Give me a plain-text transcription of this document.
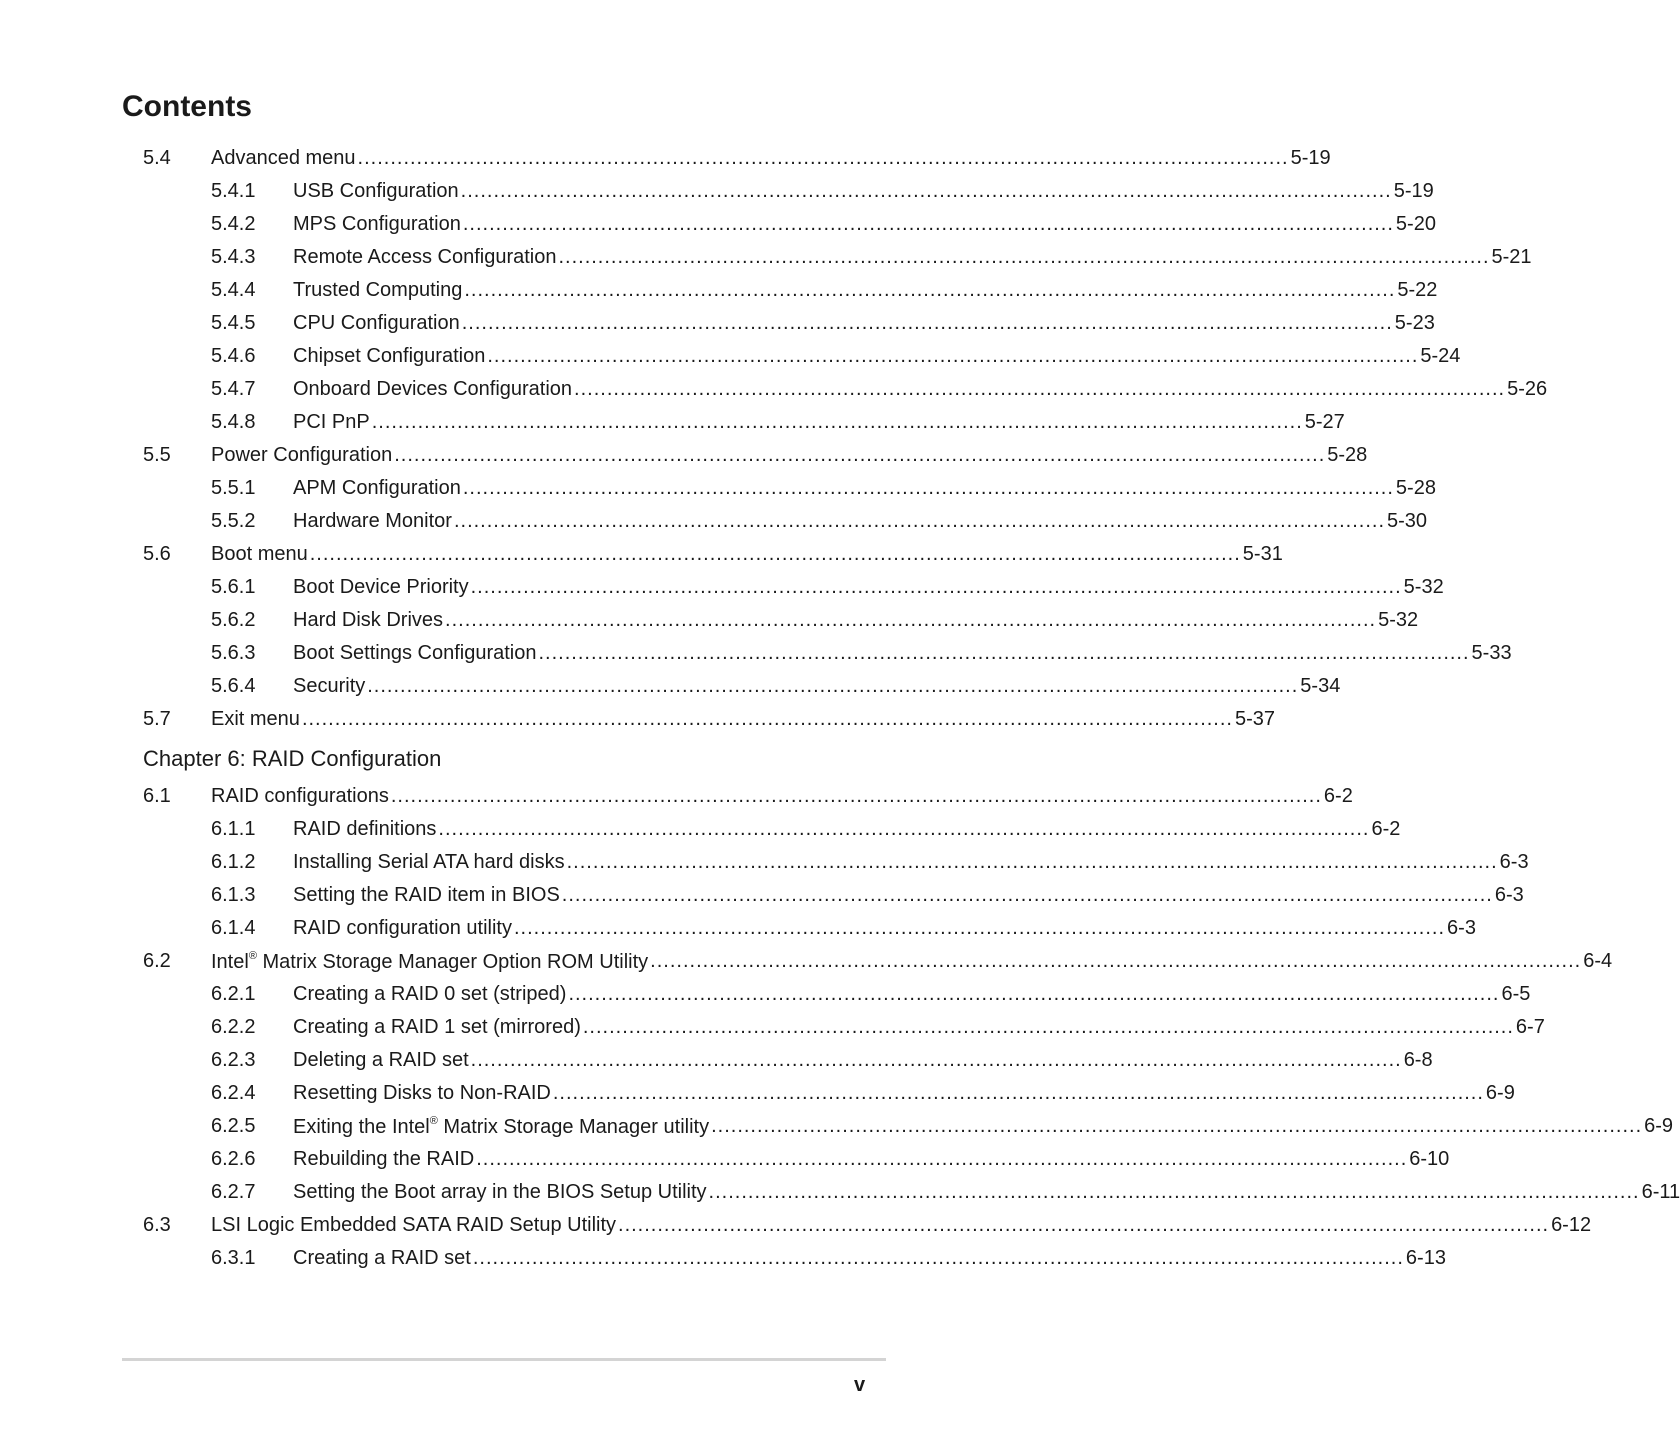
Contents
5.4 Advanced menu .............................................................................................................................................. 5-19
5.4.1 USB Configuration .............................................................................................................................................. 5-19
5.4.2 MPS Configuration .............................................................................................................................................. 5-20
5.4.3 Remote Access Configuration .............................................................................................................................................. 5-21
5.4.4 Trusted Computing .............................................................................................................................................. 5-22
5.4.5 CPU Configuration .............................................................................................................................................. 5-23
5.4.6 Chipset Configuration .............................................................................................................................................. 5-24
5.4.7 Onboard Devices Configuration .............................................................................................................................................. 5-26
5.4.8 PCI PnP .............................................................................................................................................. 5-27
5.5 Power Configuration .............................................................................................................................................. 5-28
5.5.1 APM Configuration .............................................................................................................................................. 5-28
5.5.2 Hardware Monitor .............................................................................................................................................. 5-30
5.6 Boot menu .............................................................................................................................................. 5-31
5.6.1 Boot Device Priority .............................................................................................................................................. 5-32
5.6.2 Hard Disk Drives .............................................................................................................................................. 5-32
5.6.3 Boot Settings Configuration .............................................................................................................................................. 5-33
5.6.4 Security .............................................................................................................................................. 5-34
5.7 Exit menu .............................................................................................................................................. 5-37
Chapter 6: RAID Configuration
6.1 RAID configurations .............................................................................................................................................. 6-2
6.1.1 RAID definitions .............................................................................................................................................. 6-2
6.1.2 Installing Serial ATA hard disks .............................................................................................................................................. 6-3
6.1.3 Setting the RAID item in BIOS .............................................................................................................................................. 6-3
6.1.4 RAID configuration utility .............................................................................................................................................. 6-3
6.2 Intel® Matrix Storage Manager Option ROM Utility .............................................................................................................................................. 6-4
6.2.1 Creating a RAID 0 set (striped) .............................................................................................................................................. 6-5
6.2.2 Creating a RAID 1 set (mirrored) .............................................................................................................................................. 6-7
6.2.3 Deleting a RAID set .............................................................................................................................................. 6-8
6.2.4 Resetting Disks to Non-RAID .............................................................................................................................................. 6-9
6.2.5 Exiting the Intel® Matrix Storage Manager utility .............................................................................................................................................. 6-9
6.2.6 Rebuilding the RAID .............................................................................................................................................. 6-10
6.2.7 Setting the Boot array in the BIOS Setup Utility .............................................................................................................................................. 6-11
6.3 LSI Logic Embedded SATA RAID Setup Utility .............................................................................................................................................. 6-12
6.3.1 Creating a RAID set .............................................................................................................................................. 6-13
v
